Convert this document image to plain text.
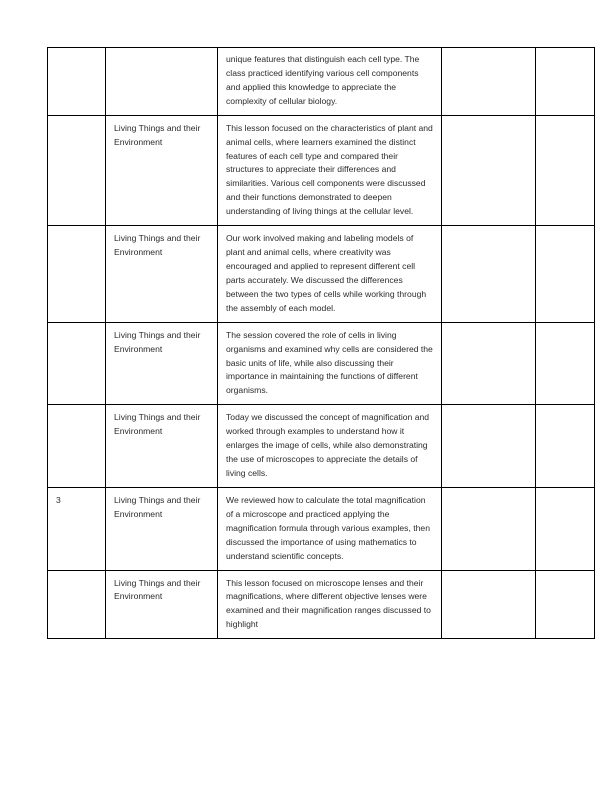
		unique features that distinguish each cell type. The class practiced identifying various cell components and applied this knowledge to appreciate the complexity of cellular biology.		
	Living Things and their Environment	This lesson focused on the characteristics of plant and animal cells, where learners examined the distinct features of each cell type and compared their structures to appreciate their differences and similarities. Various cell components were discussed and their functions demonstrated to deepen understanding of living things at the cellular level.		
	Living Things and their Environment	Our work involved making and labeling models of plant and animal cells, where creativity was encouraged and applied to represent different cell parts accurately. We discussed the differences between the two types of cells while working through the assembly of each model.		
	Living Things and their Environment	The session covered the role of cells in living organisms and examined why cells are considered the basic units of life, while also discussing their importance in maintaining the functions of different organisms.		
	Living Things and their Environment	Today we discussed the concept of magnification and worked through examples to understand how it enlarges the image of cells, while also demonstrating the use of microscopes to appreciate the details of living cells.		
3	Living Things and their Environment	We reviewed how to calculate the total magnification of a microscope and practiced applying the magnification formula through various examples, then discussed the importance of using mathematics to understand scientific concepts.		
	Living Things and their Environment	This lesson focused on microscope lenses and their magnifications, where different objective lenses were examined and their magnification ranges discussed to highlight		
